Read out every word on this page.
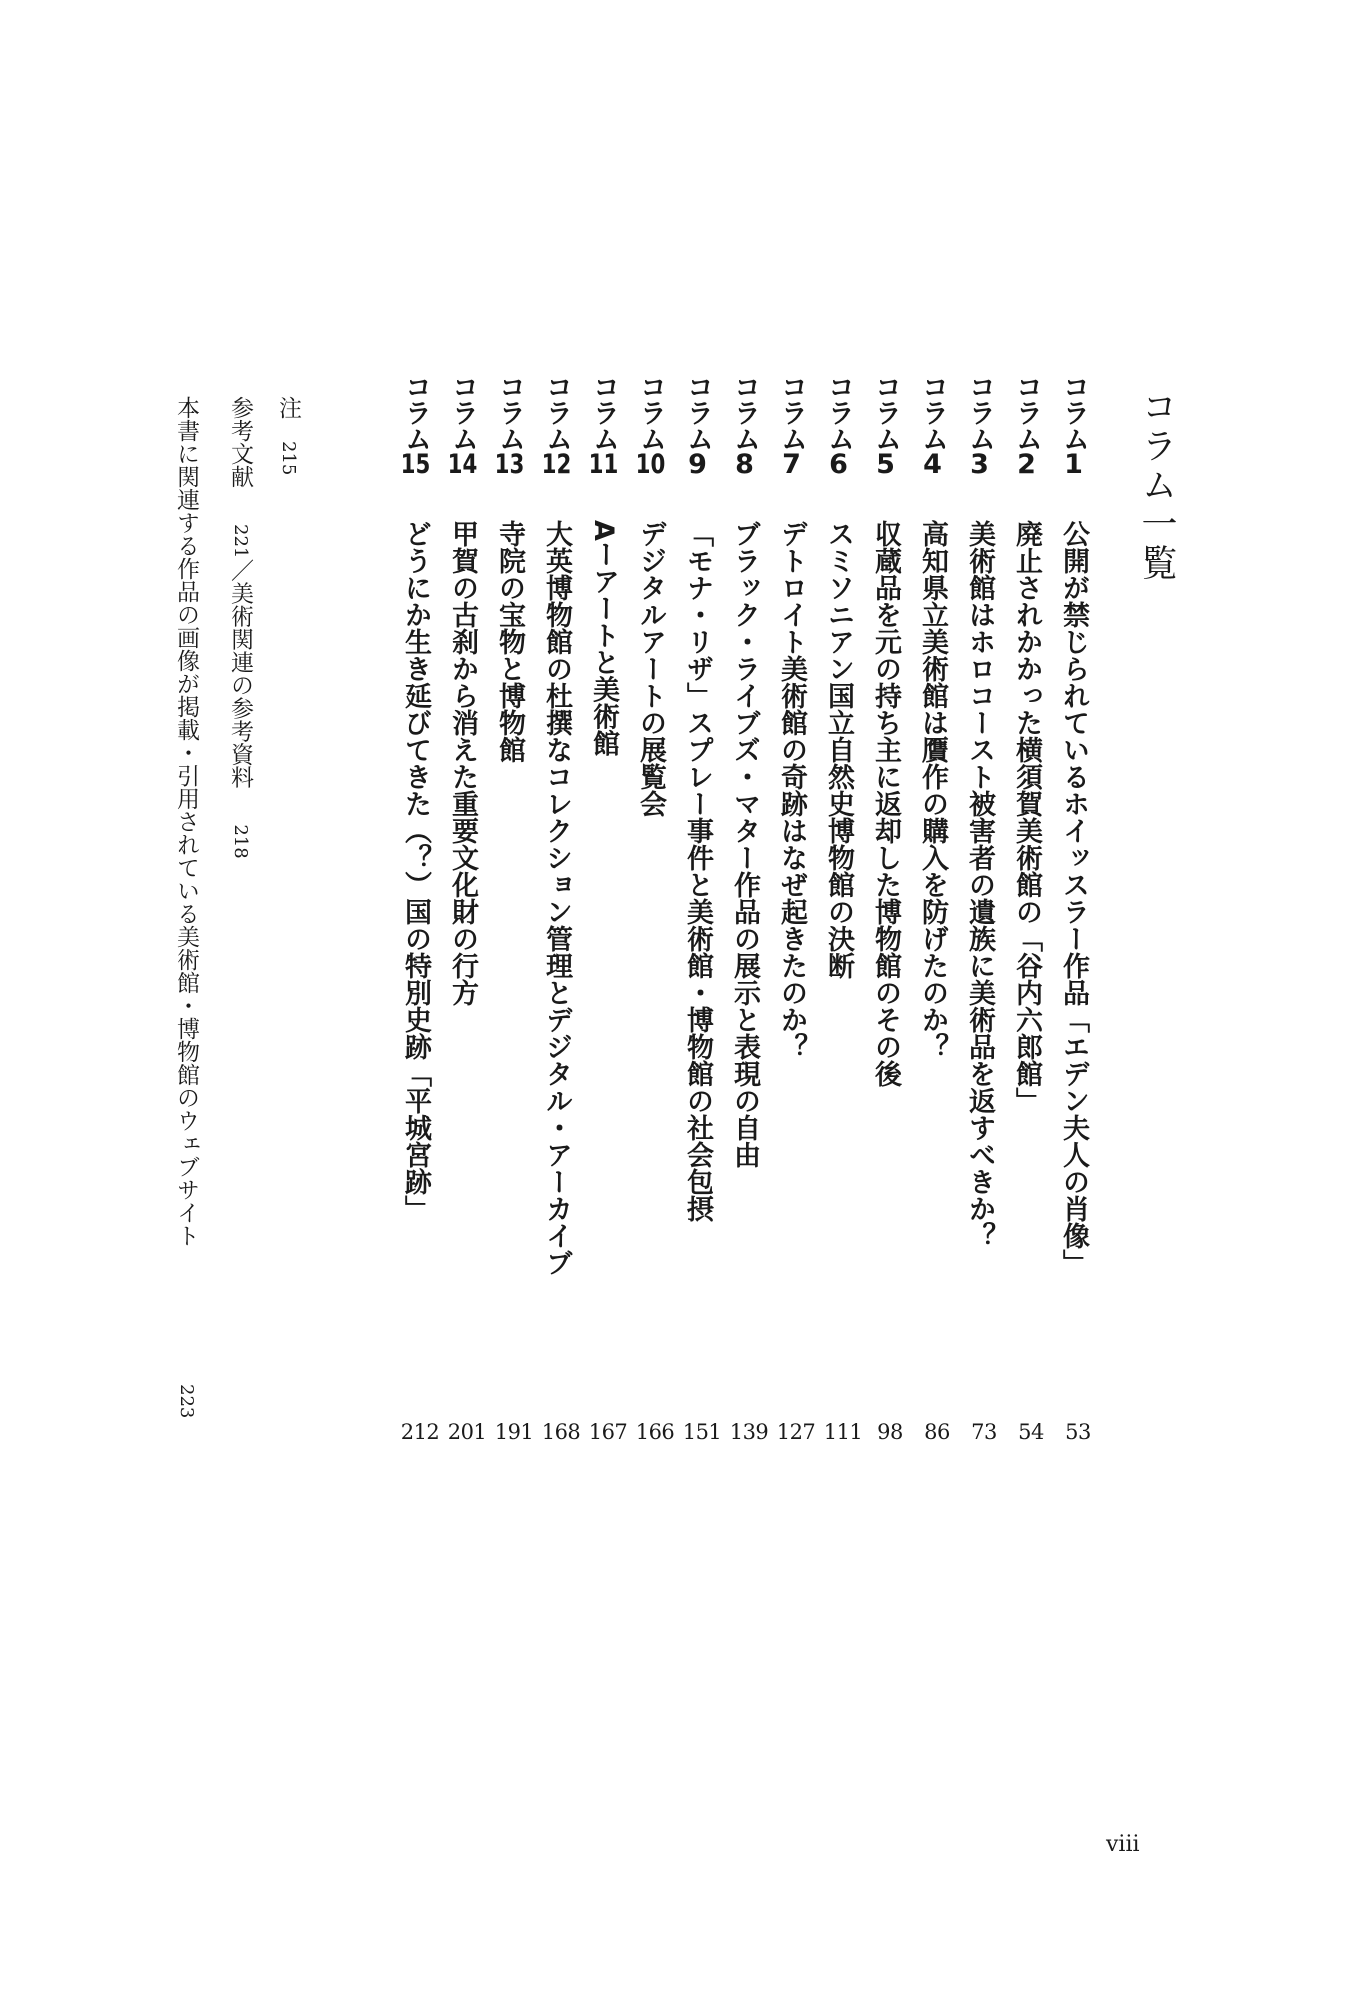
コラム一覧
コラム1
公開が禁じられているホイッスラー作品「エデン夫人の肖像」
53
コラム2
廃止されかかった横須賀美術館の「谷内六郎館」
54
コラム3
美術館はホロコースト被害者の遺族に美術品を返すべきか？
73
コラム4
高知県立美術館は贋作の購入を防げたのか？
86
コラム5
収蔵品を元の持ち主に返却した博物館のその後
98
コラム6
スミソニアン国立自然史博物館の決断
111
コラム7
デトロイト美術館の奇跡はなぜ起きたのか？
127
コラム8
ブラック・ライブズ・マター作品の展示と表現の自由
139
コラム9
「モナ・リザ」スプレー事件と美術館・博物館の社会包摂
151
コラム10
デジタルアートの展覧会
166
コラム11
Aーアートと美術館
167
コラム12
大英博物館の杜撰なコレクション管理とデジタル・アーカイブ
168
コラム13
寺院の宝物と博物館
191
コラム14
甲賀の古刹から消えた重要文化財の行方
201
コラム15
どうにか生き延びてきた（？）国の特別史跡「平城宮跡」
212
注215
参考文献221／美術関連の参考資料218
本書に関連する作品の画像が掲載・引用されている美術館・博物館のウェブサイト
223
viii
